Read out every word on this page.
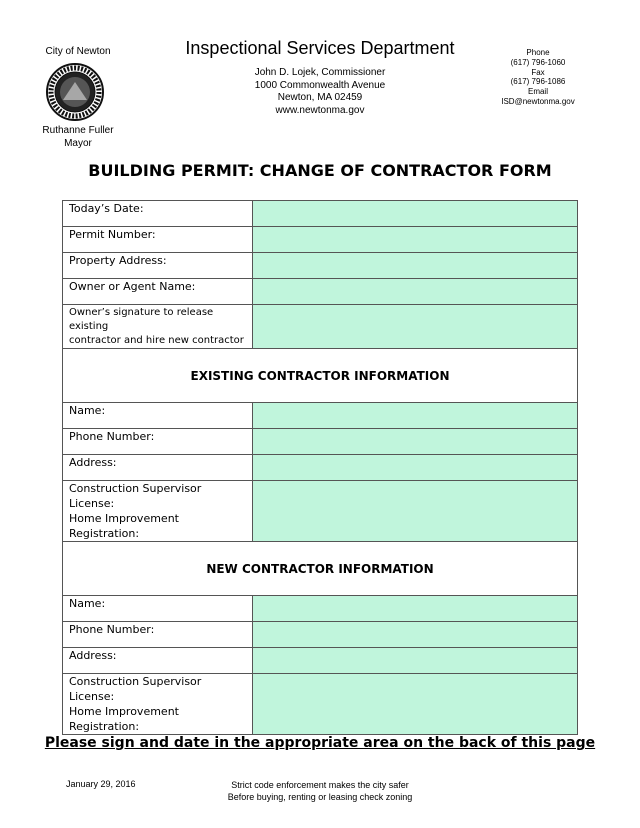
City of Newton
Ruthanne Fuller
Mayor
Inspectional Services Department
John D. Lojek, Commissioner
1000 Commonwealth Avenue
Newton, MA 02459
www.newtonma.gov
Phone
(617) 796-1060
Fax
(617) 796-1086
Email
ISD@newtonma.gov
BUILDING PERMIT: CHANGE OF CONTRACTOR FORM
Today’s Date:	
Permit Number:	
Property Address:	
Owner or Agent Name:	

Owner’s signature to release existing
contractor and hire new contractor	

EXISTING CONTRACTOR INFORMATION	
Name:	
Phone Number:	
Address:	

Construction Supervisor License:
Home Improvement Registration:	

NEW CONTRACTOR INFORMATION	
Name:	
Phone Number:	
Address:	

Construction Supervisor License:
Home Improvement Registration:	

Please sign and date in the appropriate area on the back of this page
January 29, 2016	Strict code enforcement makes the city safer
Before buying, renting or leasing check zoning
